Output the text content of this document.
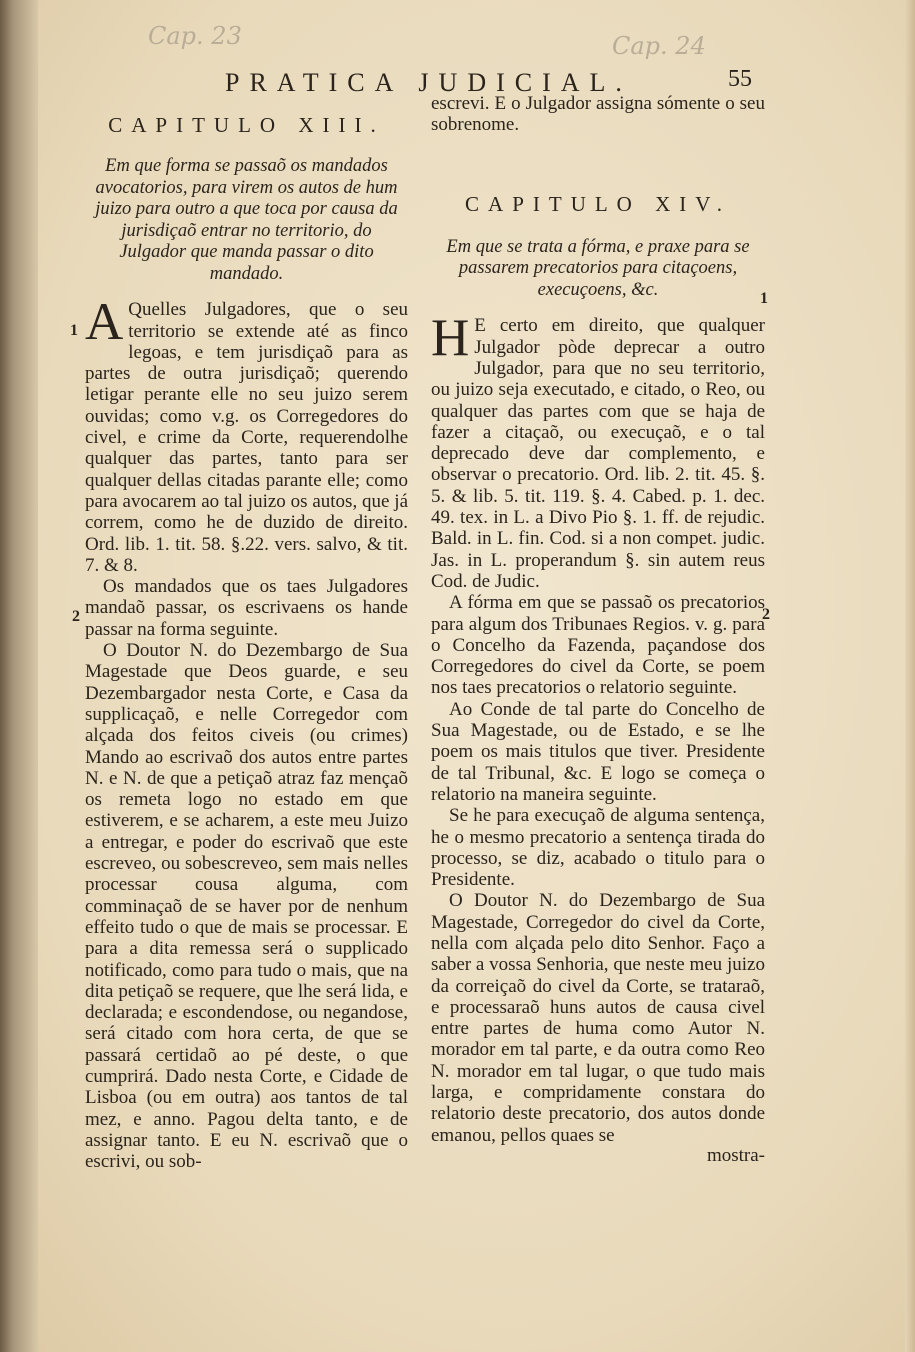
Cap. 23	Cap. 24
PRATICA JUDICIAL.	55
CAPITULO XIII.
Em que forma se passaõ os mandados avocatorios, para virem os autos de hum juizo para outro a que toca por causa da jurisdiçaõ entrar no territorio, do Julgador que manda passar o dito mandado.

A Quelles Julgadores, que o seu territorio se extende até as finco legoas, e tem jurisdiçaõ para as partes de outra jurisdiçaõ; querendo letigar perante elle no seu juizo serem ouvidas; como v.g. os Corregedores do civel, e crime da Corte, requerendolhe qualquer das partes, tanto para ser qualquer dellas citadas parante elle; como para avocarem ao tal juizo os autos, que já correm, como he de duzido de direito. Ord. lib. 1. tit. 58. §.22. vers. salvo, & tit. 7. & 8.

Os mandados que os taes Julgadores mandaõ passar, os escrivaens os hande passar na forma seguinte.

O Doutor N. do Dezembargo de Sua Magestade que Deos guarde, e seu Dezembargador nesta Corte, e Casa da supplicaçaõ, e nelle Corregedor com alçada dos feitos civeis (ou crimes) Mando ao escrivaõ dos autos entre partes N. e N. de que a petiçaõ atraz faz mençaõ os remeta logo no estado em que estiverem, e se acharem, a este meu Juizo a entregar, e poder do escrivaõ que este escreveo, ou sobescreveo, sem mais nelles processar cousa alguma, com comminaçaõ de se haver por de nenhum effeito tudo o que de mais se processar. E para a dita remessa será o supplicado notificado, como para tudo o mais, que na dita petiçaõ se requere, que lhe será lida, e declarada; e escondendose, ou negandose, será citado com hora certa, de que se passará certidaõ ao pé deste, o que cumprirá. Dado nesta Corte, e Cidade de Lisboa (ou em outra) aos tantos de tal mez, e anno. Pagou delta tanto, e de assignar tanto. E eu N. escrivaõ que o escrivi, ou sob-

1
2

escrevi. E o Julgador assigna sómente o seu sobrenome.

CAPITULO XIV.
Em que se trata a fórma, e praxe para se passarem precatorios para citaçoens, execuçoens, &c.

H E certo em direito, que qualquer Julgador pòde deprecar a outro Julgador, para que no seu territorio, ou juizo seja executado, e citado, o Reo, ou qualquer das partes com que se haja de fazer a citaçaõ, ou execuçaõ, e o tal deprecado deve dar complemento, e observar o precatorio. Ord. lib. 2. tit. 45. §. 5. & lib. 5. tit. 119. §. 4. Cabed. p. 1. dec. 49. tex. in L. a Divo Pio §. 1. ff. de rejudic. Bald. in L. fin. Cod. si a non compet. judic. Jas. in L. properandum §. sin autem reus Cod. de Judic.

A fórma em que se passaõ os precatorios para algum dos Tribunaes Regios. v. g. para o Concelho da Fazenda, paçandose dos Corregedores do civel da Corte, se poem nos taes precatorios o relatorio seguinte.

Ao Conde de tal parte do Concelho de Sua Magestade, ou de Estado, e se lhe poem os mais titulos que tiver. Presidente de tal Tribunal, &c. E logo se começa o relatorio na maneira seguinte.

Se he para execuçaõ de alguma sentença, he o mesmo precatorio a sentença tirada do processo, se diz, acabado o titulo para o Presidente.

O Doutor N. do Dezembargo de Sua Magestade, Corregedor do civel da Corte, nella com alçada pelo dito Senhor. Faço a saber a vossa Senhoria, que neste meu juizo da correiçaõ do civel da Corte, se trataraõ, e processaraõ huns autos de causa civel entre partes de huma como Autor N. morador em tal parte, e da outra como Reo N. morador em tal lugar, o que tudo mais larga, e compridamente constara do relatorio deste precatorio, dos autos donde emanou, pellos quaes se

mostra-

1
2
